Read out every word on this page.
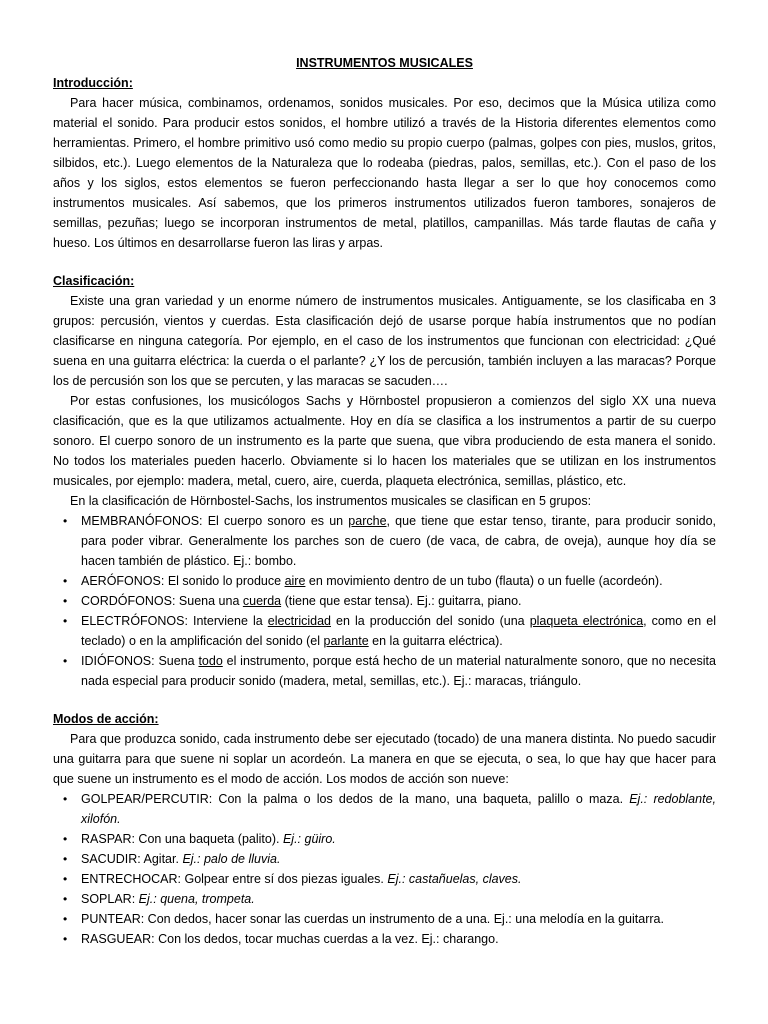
INSTRUMENTOS MUSICALES

Introducción:

Para hacer música, combinamos, ordenamos, sonidos musicales. Por eso, decimos que la Música utiliza como material el sonido. Para producir estos sonidos, el hombre utilizó a través de la Historia diferentes elementos como herramientas. Primero, el hombre primitivo usó como medio su propio cuerpo (palmas, golpes con pies, muslos, gritos, silbidos, etc.). Luego elementos de la Naturaleza que lo rodeaba (piedras, palos, semillas, etc.). Con el paso de los años y los siglos, estos elementos se fueron perfeccionando hasta llegar a ser lo que hoy conocemos como instrumentos musicales. Así sabemos, que los primeros instrumentos utilizados fueron tambores, sonajeros de semillas, pezuñas; luego se incorporan instrumentos de metal, platillos, campanillas. Más tarde flautas de caña y hueso. Los últimos en desarrollarse fueron las liras y arpas.

Clasificación:

Existe una gran variedad y un enorme número de instrumentos musicales. Antiguamente, se los clasificaba en 3 grupos: percusión, vientos y cuerdas. Esta clasificación dejó de usarse porque había instrumentos que no podían clasificarse en ninguna categoría. Por ejemplo, en el caso de los instrumentos que funcionan con electricidad: ¿Qué suena en una guitarra eléctrica: la cuerda o el parlante? ¿Y los de percusión, también incluyen a las maracas? Porque los de percusión son los que se percuten, y las maracas se sacuden….

Por estas confusiones, los musicólogos Sachs y Hörnbostel propusieron a comienzos del siglo XX una nueva clasificación, que es la que utilizamos actualmente. Hoy en día se clasifica a los instrumentos a partir de su cuerpo sonoro. El cuerpo sonoro de un instrumento es la parte que suena, que vibra produciendo de esta manera el sonido. No todos los materiales pueden hacerlo. Obviamente si lo hacen los materiales que se utilizan en los instrumentos musicales, por ejemplo: madera, metal, cuero, aire, cuerda, plaqueta electrónica, semillas, plástico, etc.

En la clasificación de Hörnbostel-Sachs, los instrumentos musicales se clasifican en 5 grupos:

• MEMBRANÓFONOS: El cuerpo sonoro es un parche, que tiene que estar tenso, tirante, para producir sonido, para poder vibrar. Generalmente los parches son de cuero (de vaca, de cabra, de oveja), aunque hoy día se hacen también de plástico. Ej.: bombo.
• AERÓFONOS: El sonido lo produce aire en movimiento dentro de un tubo (flauta) o un fuelle (acordeón).
• CORDÓFONOS: Suena una cuerda (tiene que estar tensa). Ej.: guitarra, piano.
• ELECTRÓFONOS: Interviene la electricidad en la producción del sonido (una plaqueta electrónica, como en el teclado) o en la amplificación del sonido (el parlante en la guitarra eléctrica).
• IDIÓFONOS: Suena todo el instrumento, porque está hecho de un material naturalmente sonoro, que no necesita nada especial para producir sonido (madera, metal, semillas, etc.). Ej.: maracas, triángulo.

Modos de acción:

Para que produzca sonido, cada instrumento debe ser ejecutado (tocado) de una manera distinta. No puedo sacudir una guitarra para que suene ni soplar un acordeón. La manera en que se ejecuta, o sea, lo que hay que hacer para que suene un instrumento es el modo de acción. Los modos de acción son nueve:

• GOLPEAR/PERCUTIR: Con la palma o los dedos de la mano, una baqueta, palillo o maza. Ej.: redoblante, xilofón.
• RASPAR: Con una baqueta (palito). Ej.: güiro.
• SACUDIR: Agitar. Ej.: palo de lluvia.
• ENTRECHOCAR: Golpear entre sí dos piezas iguales. Ej.: castañuelas, claves.
• SOPLAR: Ej.: quena, trompeta.
• PUNTEAR: Con dedos, hacer sonar las cuerdas un instrumento de a una. Ej.: una melodía en la guitarra.
• RASGUEAR: Con los dedos, tocar muchas cuerdas a la vez. Ej.: charango.
